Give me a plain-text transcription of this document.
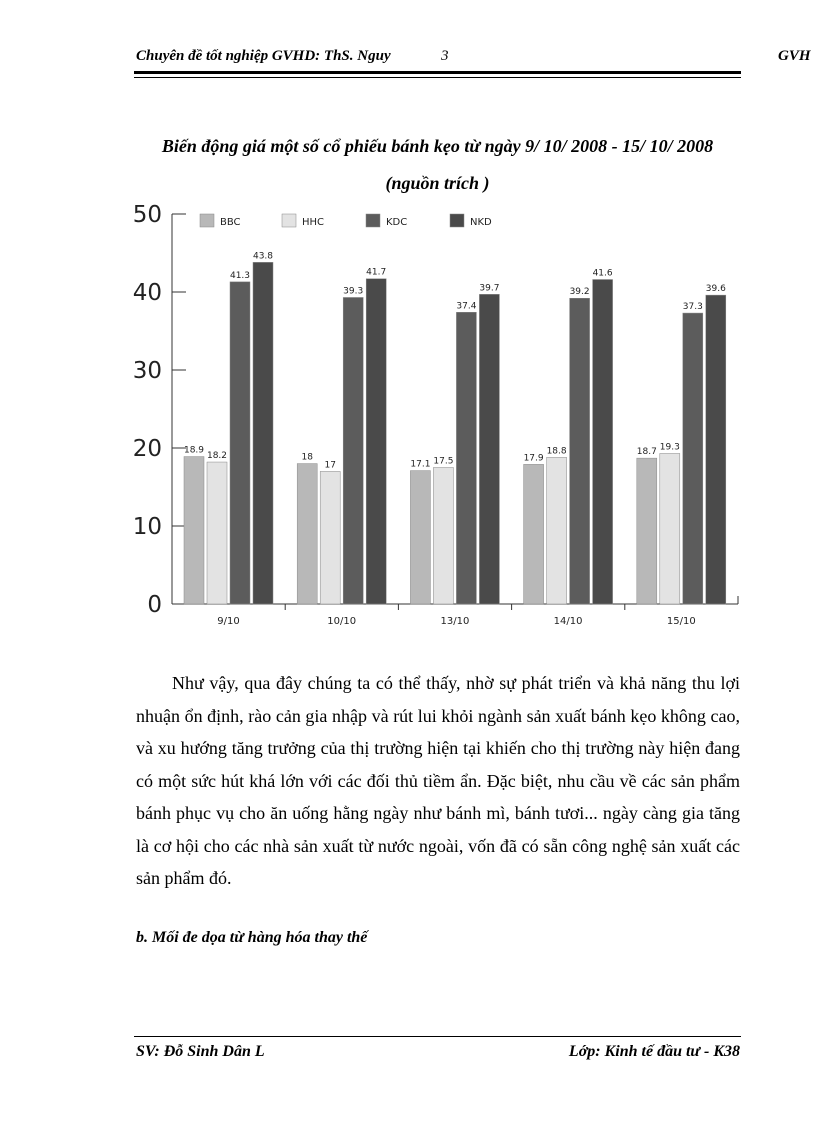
Chuyên đề tốt nghiệp GVHD: ThS. Nguy	3	GVH
Biến động giá một số cổ phiếu bánh kẹo từ ngày 9/ 10/ 2008 - 15/ 10/ 2008 (nguồn trích )
0
10
20
30
40
50
9/10
18.9
18.2
41.3
43.8
10/10
18
17
39.3
41.7
13/10
17.1 17.5
37.4
39.7
14/10
17.9
18.8
39.2
41.6
15/10
18.7 19.3
37.3
39.6
BBC	HHC	KDC	NKD
Như vậy, qua đây chúng ta có thể thấy, nhờ sự phát triển và khả năng thu lợi nhuận ổn định, rào cản gia nhập và rút lui khỏi ngành sản xuất bánh kẹo không cao, và xu hướng tăng trưởng của thị trường hiện tại khiến cho thị trường này hiện đang có một sức hút khá lớn với các đối thủ tiềm ẩn. Đặc biệt, nhu cầu về các sản phẩm bánh phục vụ cho ăn uống hằng ngày như bánh mì, bánh tươi... ngày càng gia tăng là cơ hội cho các nhà sản xuất từ nước ngoài, vốn đã có sẵn công nghệ sản xuất các sản phẩm đó.
b. Mối đe dọa từ hàng hóa thay thế
SV: Đỗ Sinh Dân L	Lớp: Kinh tế đầu tư - K38
